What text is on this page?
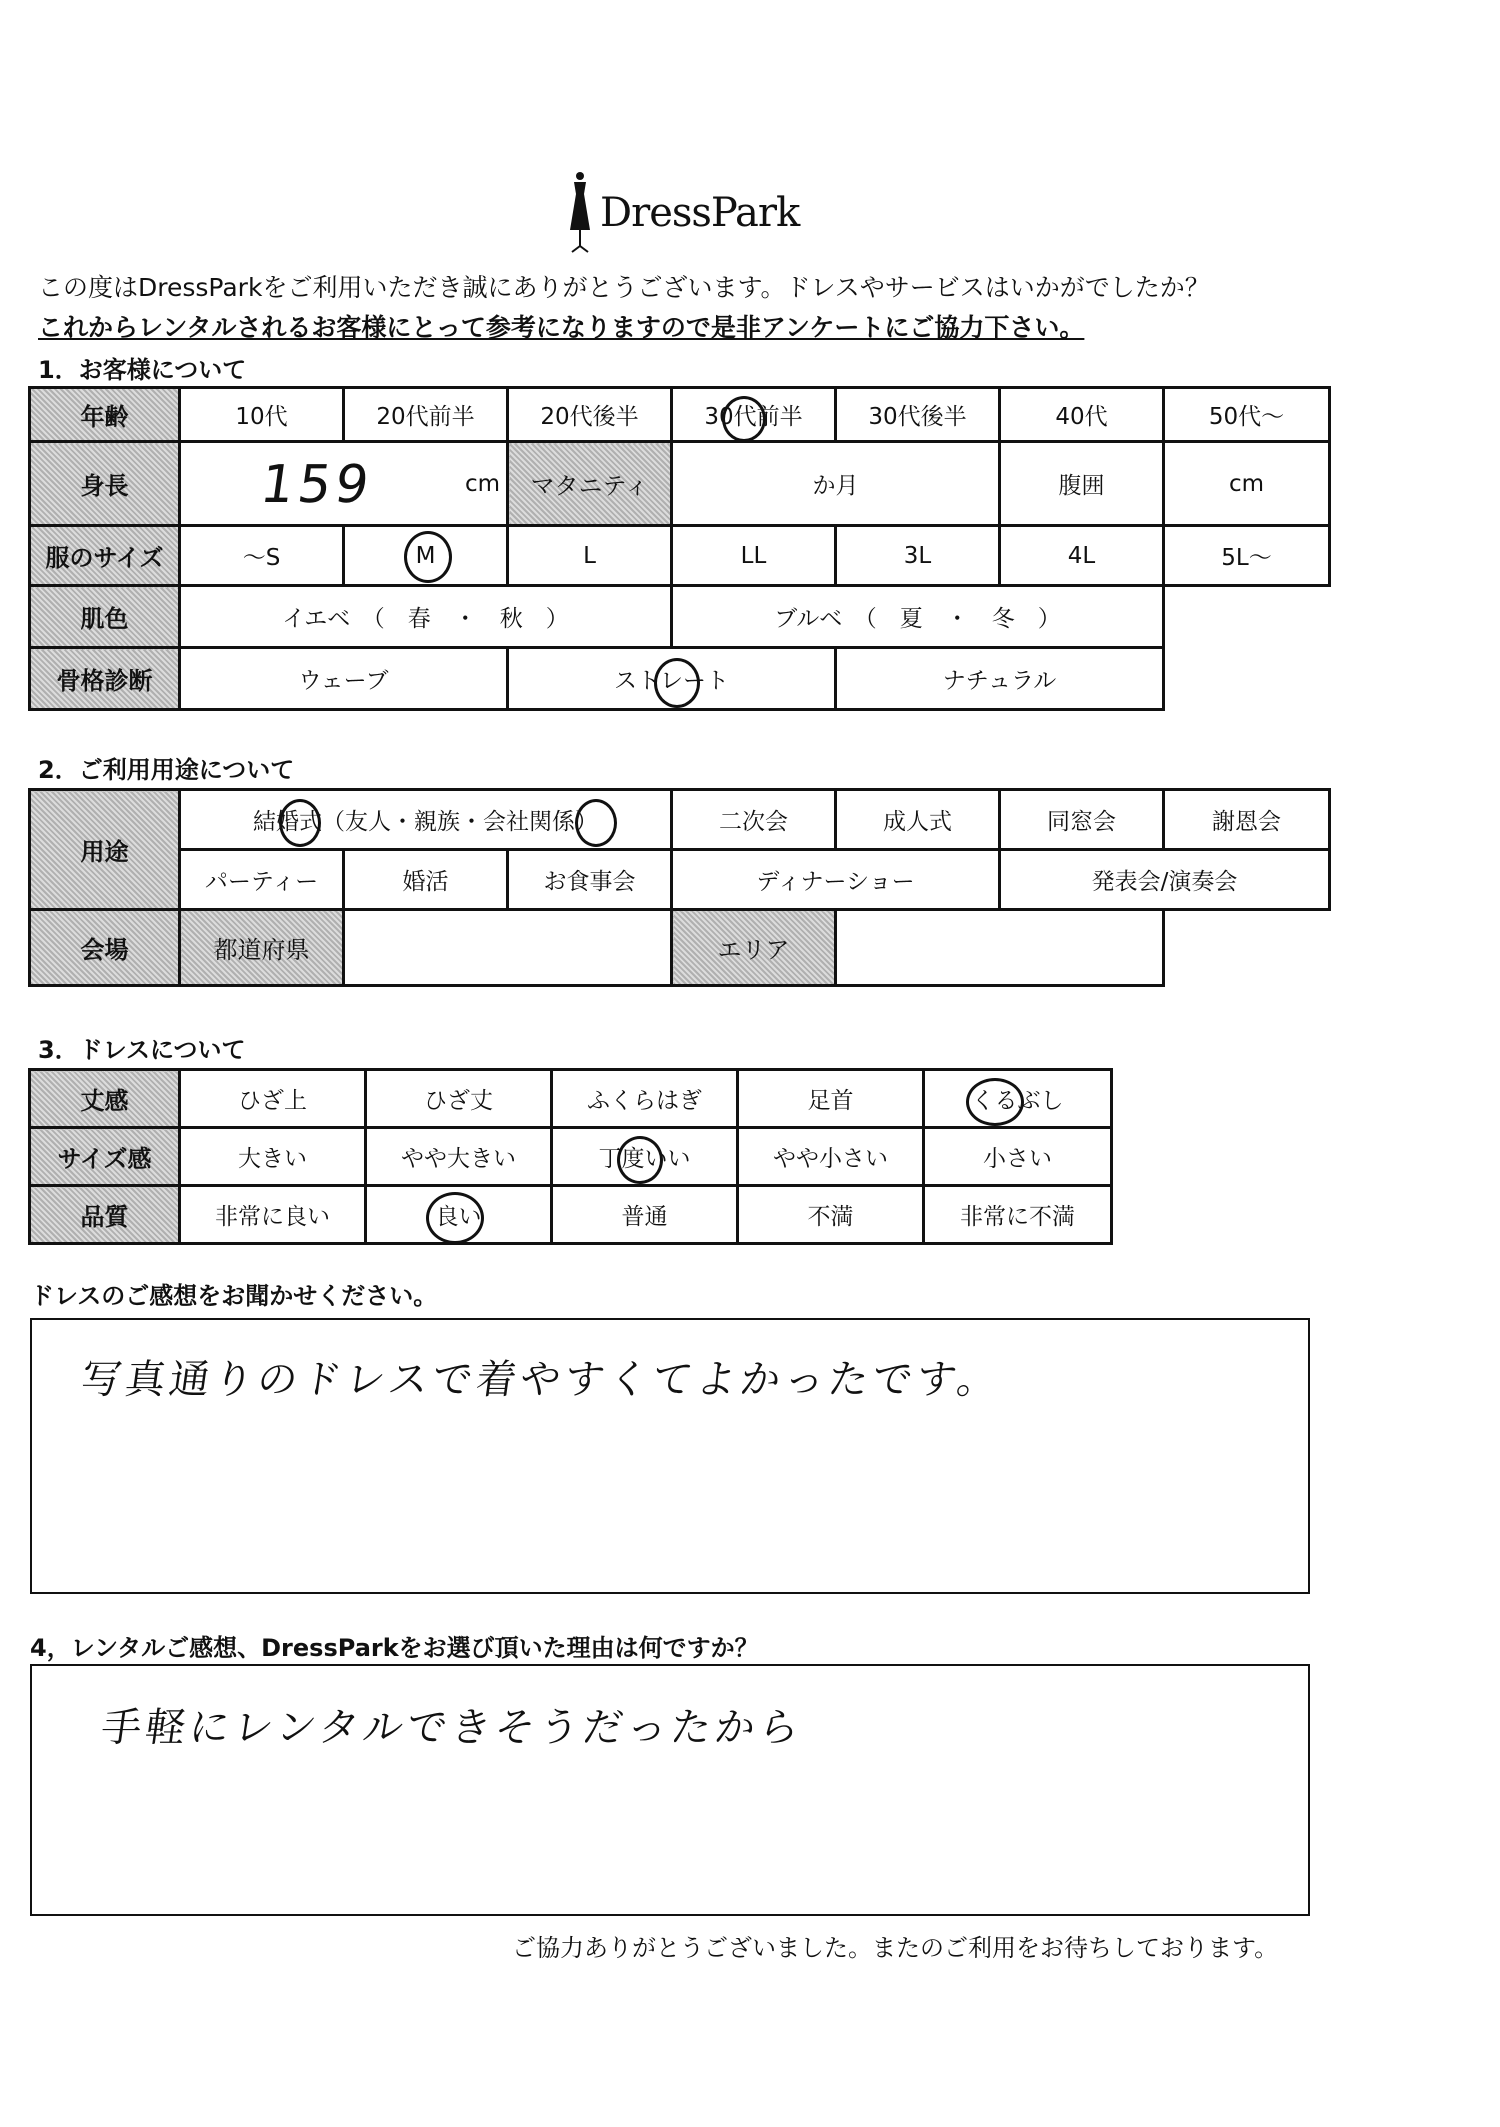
DressPark
この度はDressParkをご利用いただき誠にありがとうございます。ドレスやサービスはいかがでしたか？
これからレンタルされるお客様にとって参考になりますので是非アンケートにご協力下さい。
1．お客様について
年齢	10代	20代前半	20代後半	30代前半	30代後半	40代	50代～
身長	159 cm		マタニティ	か月		腹囲	cm
服のサイズ	～S	M	L	LL	3L	4L	5L～
肌色	イエベ　（　春　・　秋　）			ブルベ　（　夏　・　冬　）			
骨格診断	ウェーブ		ストレート		ナチュラル		
2．ご利用用途について
用途	結婚式（友人・親族・会社関係）			二次会	成人式	同窓会	謝恩会
	パーティー	婚活	お食事会	ディナーショー		発表会/演奏会	
会場	都道府県			エリア			
3．ドレスについて
丈感	ひざ上	ひざ丈	ふくらはぎ	足首	くるぶし

サイズ感	大きい	やや大きい	丁度いい	やや小さい	小さい
品質	非常に良い	良い	普通	不満	非常に不満
ドレスのご感想をお聞かせください。
写真通りのドレスで着やすくてよかったです。
4，レンタルご感想、DressParkをお選び頂いた理由は何ですか？
手軽にレンタルできそうだったから
ご協力ありがとうございました。またのご利用をお待ちしております。
